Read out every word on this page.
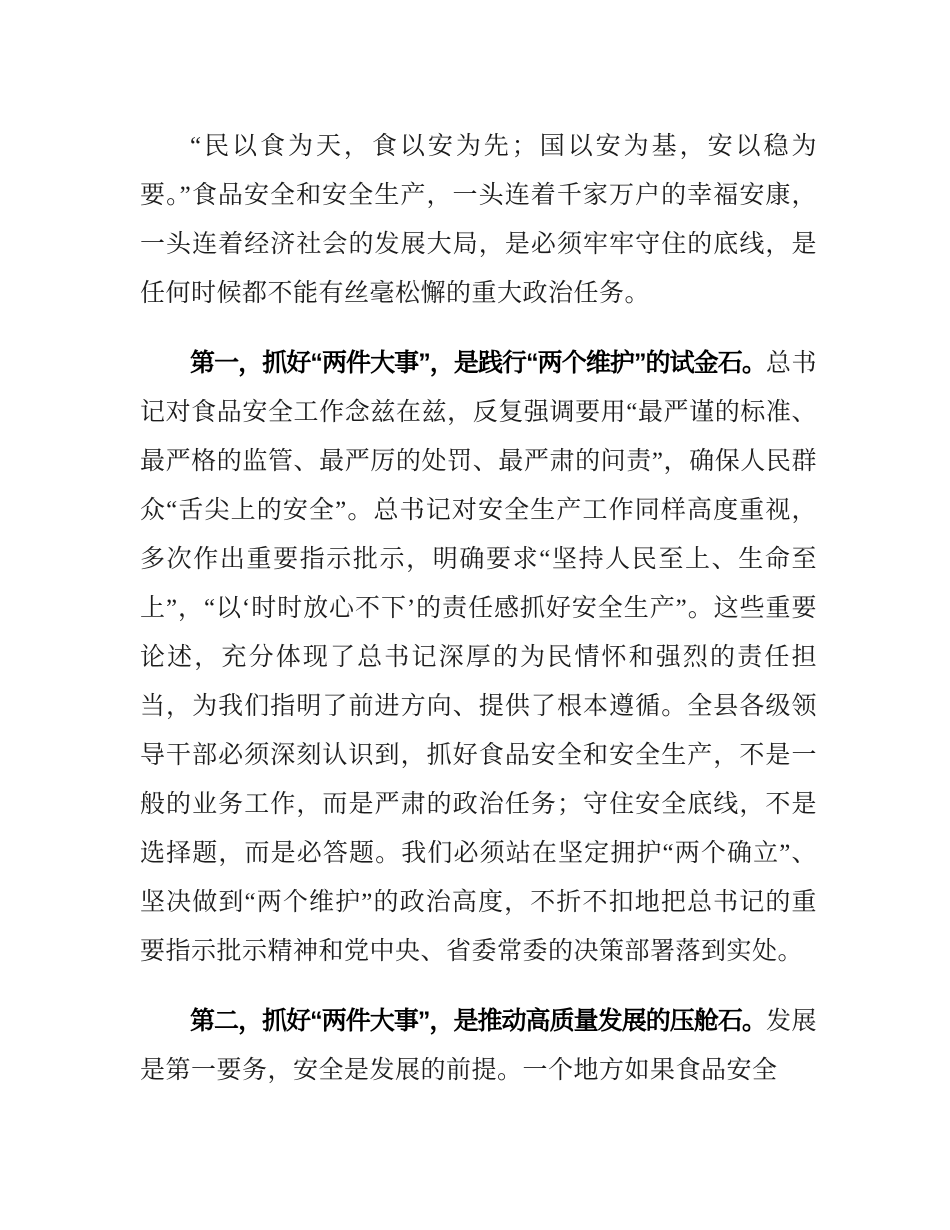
“民以食为天，食以安为先；国以安为基，安以稳为要。”食品安全和安全生产，一头连着千家万户的幸福安康，一头连着经济社会的发展大局，是必须牢牢守住的底线，是任何时候都不能有丝毫松懈的重大政治任务。

第一，抓好“两件大事”，是践行“两个维护”的试金石。总书记对食品安全工作念兹在兹，反复强调要用“最严谨的标准、最严格的监管、最严厉的处罚、最严肃的问责”，确保人民群众“舌尖上的安全”。总书记对安全生产工作同样高度重视，多次作出重要指示批示，明确要求“坚持人民至上、生命至上”，“以‘时时放心不下’的责任感抓好安全生产”。这些重要论述，充分体现了总书记深厚的为民情怀和强烈的责任担当，为我们指明了前进方向、提供了根本遵循。全县各级领导干部必须深刻认识到，抓好食品安全和安全生产，不是一般的业务工作，而是严肃的政治任务；守住安全底线，不是选择题，而是必答题。我们必须站在坚定拥护“两个确立”、坚决做到“两个维护”的政治高度，不折不扣地把总书记的重要指示批示精神和党中央、省委常委的决策部署落到实处。

第二，抓好“两件大事”，是推动高质量发展的压舱石。发展是第一要务，安全是发展的前提。一个地方如果食品安全
